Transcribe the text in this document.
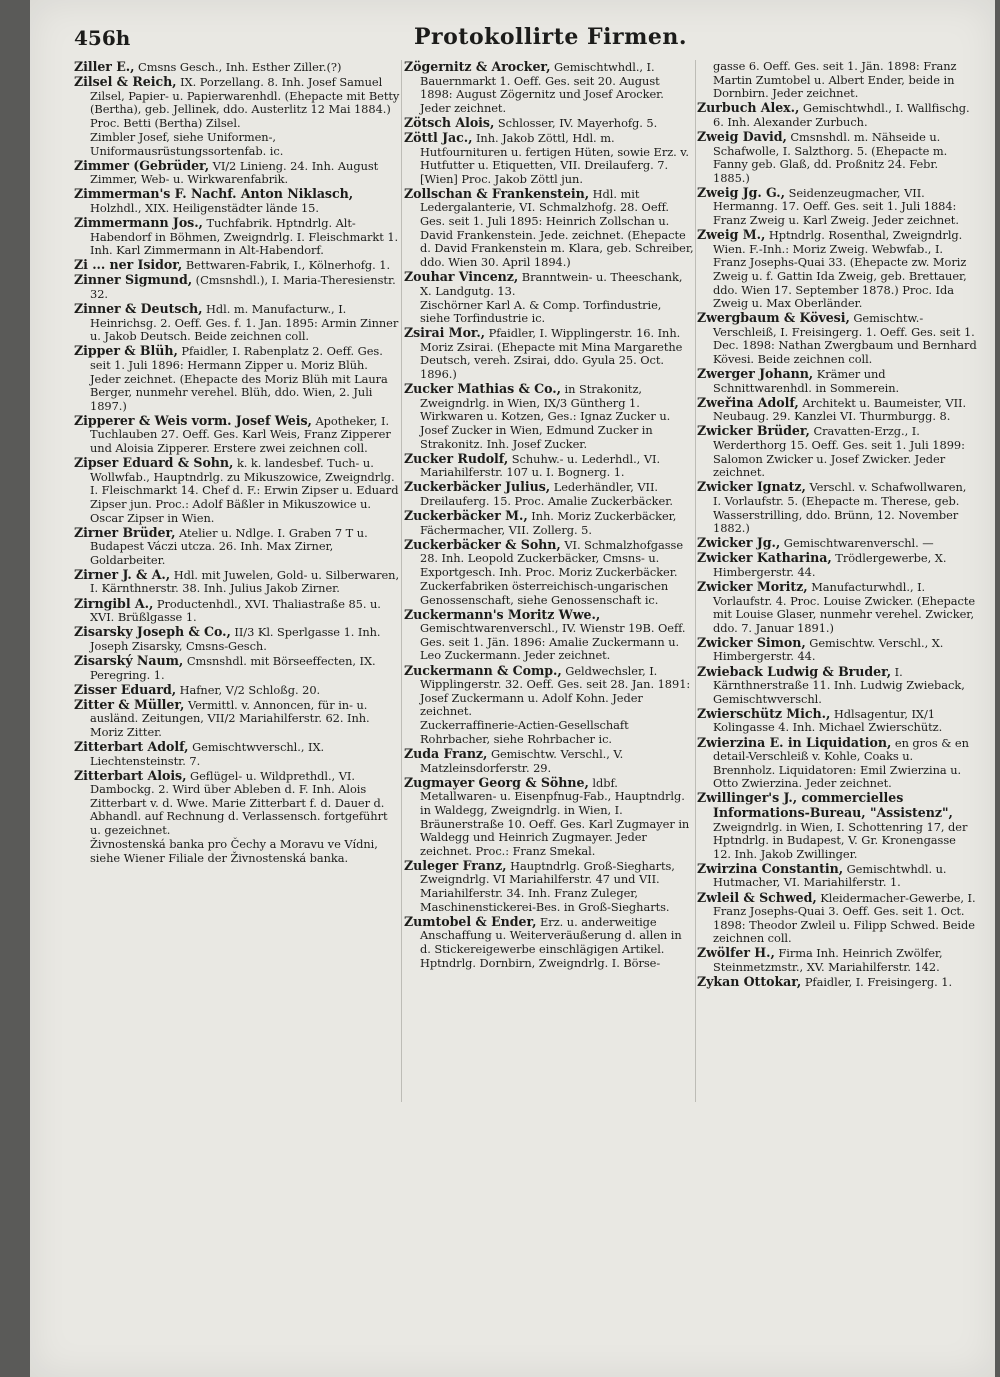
456h	Protokollirte Firmen.
Ziller E., Cmsns Gesch., Inh. Esther Ziller.(?)
Zilsel & Reich, IX. Porzellang. 8. Inh. Josef Samuel Zilsel, Papier- u. Papierwarenhdl. (Ehepacte mit Betty (Bertha), geb. Jellinek, ddo. Austerlitz 12 Mai 1884.) Proc. Betti (Bertha) Zilsel.
Zimbler Josef, siehe Uniformen-, Uniformausrüstungssortenfab. ic.
Zimmer (Gebrüder, VI/2 Linieng. 24. Inh. August Zimmer, Web- u. Wirkwarenfabrik.
Zimmerman's F. Nachf. Anton Niklasch, Holzhdl., XIX. Heiligenstädter lände 15.
Zimmermann Jos., Tuchfabrik. Hptndrlg. Alt-Habendorf in Böhmen, Zweigndrlg. I. Fleischmarkt 1. Inh. Karl Zimmermann in Alt-Habendorf.
Zi ... ner Isidor, Bettwaren-Fabrik, I., Kölnerhofg. 1.
Zinner Sigmund, (Cmsnshdl.), I. Maria-Theresienstr. 32.
Zinner & Deutsch, Hdl. m. Manufacturw., I. Heinrichsg. 2. Oeff. Ges. f. 1. Jan. 1895: Armin Zinner u. Jakob Deutsch. Beide zeichnen coll.
Zipper & Blüh, Pfaidler, I. Rabenplatz 2. Oeff. Ges. seit 1. Juli 1896: Hermann Zipper u. Moriz Blüh. Jeder zeichnet. (Ehepacte des Moriz Blüh mit Laura Berger, nunmehr verehel. Blüh, ddo. Wien, 2. Juli 1897.)
Zipperer & Weis vorm. Josef Weis, Apotheker, I. Tuchlauben 27. Oeff. Ges. Karl Weis, Franz Zipperer und Aloisia Zipperer. Erstere zwei zeichnen coll.
Zipser Eduard & Sohn, k. k. landesbef. Tuch- u. Wollwfab., Hauptndrlg. zu Mikuszowice, Zweigndrlg. I. Fleischmarkt 14. Chef d. F.: Erwin Zipser u. Eduard Zipser jun. Proc.: Adolf Bäßler in Mikuszowice u. Oscar Zipser in Wien.
Zirner Brüder, Atelier u. Ndlge. I. Graben 7 T u. Budapest Váczi utcza. 26. Inh. Max Zirner, Goldarbeiter.
Zirner J. & A., Hdl. mit Juwelen, Gold- u. Silberwaren, I. Kärnthnerstr. 38. Inh. Julius Jakob Zirner.
Zirngibl A., Productenhdl., XVI. Thaliastraße 85. u. XVI. Brüßlgasse 1.
Zisarsky Joseph & Co., II/3 Kl. Sperlgasse 1. Inh. Joseph Zisarsky, Cmsns-Gesch.
Zisarský Naum, Cmsnshdl. mit Börseeffecten, IX. Peregring. 1.
Zisser Eduard, Hafner, V/2 Schloßg. 20.
Zitter & Müller, Vermittl. v. Annoncen, für in- u. ausländ. Zeitungen, VII/2 Mariahilferstr. 62. Inh. Moriz Zitter.
Zitterbart Adolf, Gemischtwverschl., IX. Liechtensteinstr. 7.
Zitterbart Alois, Geflügel- u. Wildprethdl., VI. Dambockg. 2. Wird über Ableben d. F. Inh. Alois Zitterbart v. d. Wwe. Marie Zitterbart f. d. Dauer d. Abhandl. auf Rechnung d. Verlassensch. fortgeführt u. gezeichnet.
Živnostenská banka pro Čechy a Moravu ve Vídni, siehe Wiener Filiale der Živnostenská banka.
Zögernitz & Arocker, Gemischtwhdl., I. Bauernmarkt 1. Oeff. Ges. seit 20. August 1898: August Zögernitz und Josef Arocker. Jeder zeichnet.
Zötsch Alois, Schlosser, IV. Mayerhofg. 5.
Zöttl Jac., Inh. Jakob Zöttl, Hdl. m. Hutfournituren u. fertigen Hüten, sowie Erz. v. Hutfutter u. Etiquetten, VII. Dreilauferg. 7. [Wien] Proc. Jakob Zöttl jun.
Zollschan & Frankenstein, Hdl. mit Ledergalanterie, VI. Schmalzhofg. 28. Oeff. Ges. seit 1. Juli 1895: Heinrich Zollschan u. David Frankenstein. Jede. zeichnet. (Ehepacte d. David Frankenstein m. Klara, geb. Schreiber, ddo. Wien 30. April 1894.)
Zouhar Vincenz, Branntwein- u. Theeschank, X. Landgutg. 13.
Zischörner Karl A. & Comp. Torfindustrie, siehe Torfindustrie ic.
Zsirai Mor., Pfaidler, I. Wipplingerstr. 16. Inh. Moriz Zsirai. (Ehepacte mit Mina Margarethe Deutsch, vereh. Zsirai, ddo. Gyula 25. Oct. 1896.)
Zucker Mathias & Co., in Strakonitz, Zweigndrlg. in Wien, IX/3 Güntherg 1. Wirkwaren u. Kotzen, Ges.: Ignaz Zucker u. Josef Zucker in Wien, Edmund Zucker in Strakonitz. Inh. Josef Zucker.
Zucker Rudolf, Schuhw.- u. Lederhdl., VI. Mariahilferstr. 107 u. I. Bognerg. 1.
Zuckerbäcker Julius, Lederhändler, VII. Dreilauferg. 15. Proc. Amalie Zuckerbäcker.
Zuckerbäcker M., Inh. Moriz Zuckerbäcker, Fächermacher, VII. Zollerg. 5.
Zuckerbäcker & Sohn, VI. Schmalzhofgasse 28. Inh. Leopold Zuckerbäcker, Cmsns- u. Exportgesch. Inh. Proc. Moriz Zuckerbäcker.
Zuckerfabriken österreichisch-ungarischen Genossenschaft, siehe Genossenschaft ic.
Zuckermann's Moritz Wwe., Gemischtwarenverschl., IV. Wienstr 19B. Oeff. Ges. seit 1. Jän. 1896: Amalie Zuckermann u. Leo Zuckermann. Jeder zeichnet.
Zuckermann & Comp., Geldwechsler, I. Wipplingerstr. 32. Oeff. Ges. seit 28. Jan. 1891: Josef Zuckermann u. Adolf Kohn. Jeder zeichnet.
Zuckerraffinerie-Actien-Gesellschaft Rohrbacher, siehe Rohrbacher ic.
Zuda Franz, Gemischtw. Verschl., V. Matzleinsdorferstr. 29.
Zugmayer Georg & Söhne, ldbf. Metallwaren- u. Eisenpfnug-Fab., Hauptndrlg. in Waldegg, Zweigndrlg. in Wien, I. Bräunerstraße 10. Oeff. Ges. Karl Zugmayer in Waldegg und Heinrich Zugmayer. Jeder zeichnet. Proc.: Franz Smekal.
Zuleger Franz, Hauptndrlg. Groß-Siegharts, Zweigndrlg. VI Mariahilferstr. 47 und VII. Mariahilferstr. 34. Inh. Franz Zuleger, Maschinenstickerei-Bes. in Groß-Siegharts.
Zumtobel & Ender, Erz. u. anderweitige Anschaffung u. Weiterveräußerung d. allen in d. Stickereigewerbe einschlägigen Artikel. Hptndrlg. Dornbirn, Zweigndrlg. I. Börse-
gasse 6. Oeff. Ges. seit 1. Jän. 1898: Franz Martin Zumtobel u. Albert Ender, beide in Dornbirn. Jeder zeichnet.
Zurbuch Alex., Gemischtwhdl., I. Wallfischg. 6. Inh. Alexander Zurbuch.
Zweig David, Cmsnshdl. m. Nähseide u. Schafwolle, I. Salzthorg. 5. (Ehepacte m. Fanny geb. Glaß, dd. Proßnitz 24. Febr. 1885.)
Zweig Jg. G., Seidenzeugmacher, VII. Hermanng. 17. Oeff. Ges. seit 1. Juli 1884: Franz Zweig u. Karl Zweig. Jeder zeichnet.
Zweig M., Hptndrlg. Rosenthal, Zweigndrlg. Wien. F.-Inh.: Moriz Zweig. Webwfab., I. Franz Josephs-Quai 33. (Ehepacte zw. Moriz Zweig u. f. Gattin Ida Zweig, geb. Brettauer, ddo. Wien 17. September 1878.) Proc. Ida Zweig u. Max Oberländer.
Zwergbaum & Kövesi, Gemischtw.-Verschleiß, I. Freisingerg. 1. Oeff. Ges. seit 1. Dec. 1898: Nathan Zwergbaum und Bernhard Kövesi. Beide zeichnen coll.
Zwerger Johann, Krämer und Schnittwarenhdl. in Sommerein.
Zweřina Adolf, Architekt u. Baumeister, VII. Neubaug. 29. Kanzlei VI. Thurmburgg. 8.
Zwicker Brüder, Cravatten-Erzg., I. Werderthorg 15. Oeff. Ges. seit 1. Juli 1899: Salomon Zwicker u. Josef Zwicker. Jeder zeichnet.
Zwicker Ignatz, Verschl. v. Schafwollwaren, I. Vorlaufstr. 5. (Ehepacte m. Therese, geb. Wasserstrilling, ddo. Brünn, 12. November 1882.)
Zwicker Jg., Gemischtwarenverschl. —
Zwicker Katharina, Trödlergewerbe, X. Himbergerstr. 44.
Zwicker Moritz, Manufacturwhdl., I. Vorlaufstr. 4. Proc. Louise Zwicker. (Ehepacte mit Louise Glaser, nunmehr verehel. Zwicker, ddo. 7. Januar 1891.)
Zwicker Simon, Gemischtw. Verschl., X. Himbergerstr. 44.
Zwieback Ludwig & Bruder, I. Kärnthnerstraße 11. Inh. Ludwig Zwieback, Gemischtwverschl.
Zwierschütz Mich., Hdlsagentur, IX/1 Kolingasse 4. Inh. Michael Zwierschütz.
Zwierzina E. in Liquidation, en gros & en detail-Verschleiß v. Kohle, Coaks u. Brennholz. Liquidatoren: Emil Zwierzina u. Otto Zwierzina. Jeder zeichnet.
Zwillinger's J., commercielles Informations-Bureau, "Assistenz", Zweigndrlg. in Wien, I. Schottenring 17, der Hptndrlg. in Budapest, V. Gr. Kronengasse 12. Inh. Jakob Zwillinger.
Zwirzina Constantin, Gemischtwhdl. u. Hutmacher, VI. Mariahilferstr. 1.
Zwleil & Schwed, Kleidermacher-Gewerbe, I. Franz Josephs-Quai 3. Oeff. Ges. seit 1. Oct. 1898: Theodor Zwleil u. Filipp Schwed. Beide zeichnen coll.
Zwölfer H., Firma Inh. Heinrich Zwölfer, Steinmetzmstr., XV. Mariahilferstr. 142.
Zykan Ottokar, Pfaidler, I. Freisingerg. 1.
